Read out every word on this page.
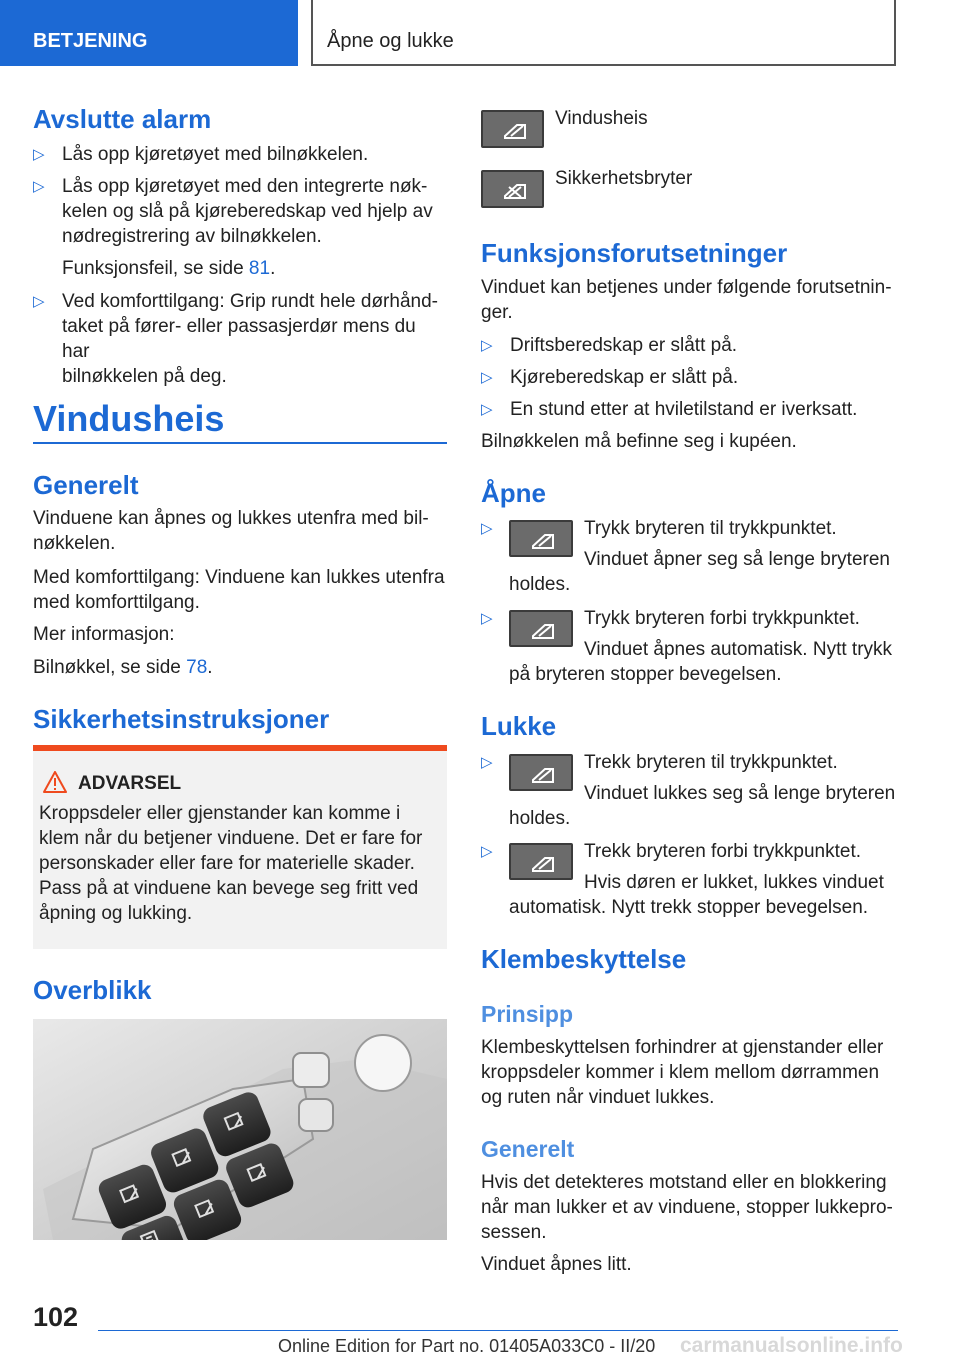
BETJENING	Åpne og lukke
Avslutte alarm
▷ Lås opp kjøretøyet med bilnøkkelen.
▷ Lås opp kjøretøyet med den integrerte nøk-
kelen og slå på kjøreberedskap ved hjelp av
nødregistrering av bilnøkkelen.
Funksjonsfeil, se side 81.
▷ Ved komforttilgang: Grip rundt hele dørhånd-
taket på fører- eller passasjerdør mens du har
bilnøkkelen på deg.
Vindusheis
Generelt
Vinduene kan åpnes og lukkes utenfra med bil-
nøkkelen.
Med komforttilgang: Vinduene kan lukkes utenfra
med komforttilgang.
Mer informasjon:
Bilnøkkel, se side 78.
Sikkerhetsinstruksjoner
ADVARSEL
Kroppsdeler eller gjenstander kan komme i
klem når du betjener vinduene. Det er fare for
personskader eller fare for materielle skader.
Pass på at vinduene kan bevege seg fritt ved
åpning og lukking.
Overblikk
Vindusheis
Sikkerhetsbryter
Funksjonsforutsetninger
Vinduet kan betjenes under følgende forutsetnin-
ger.
▷ Driftsberedskap er slått på.
▷ Kjøreberedskap er slått på.
▷ En stund etter at hviletilstand er iverksatt.
Bilnøkkelen må befinne seg i kupéen.
Åpne
▷	Trykk bryteren til trykkpunktet.
Vinduet åpner seg så lenge bryteren
holdes.
▷	Trykk bryteren forbi trykkpunktet.
Vinduet åpnes automatisk. Nytt trykk
på bryteren stopper bevegelsen.
Lukke
▷	Trekk bryteren til trykkpunktet.
Vinduet lukkes seg så lenge bryteren
holdes.
▷	Trekk bryteren forbi trykkpunktet.
Hvis døren er lukket, lukkes vinduet
automatisk. Nytt trekk stopper bevegelsen.
Klembeskyttelse
Prinsipp
Klembeskyttelsen forhindrer at gjenstander eller
kroppsdeler kommer i klem mellom dørrammen
og ruten når vinduet lukkes.
Generelt
Hvis det detekteres motstand eller en blokkering
når man lukker et av vinduene, stopper lukkepro-
sessen.
Vinduet åpnes litt.
102
Online Edition for Part no. 01405A033C0 - II/20 carmanualsonline.info
